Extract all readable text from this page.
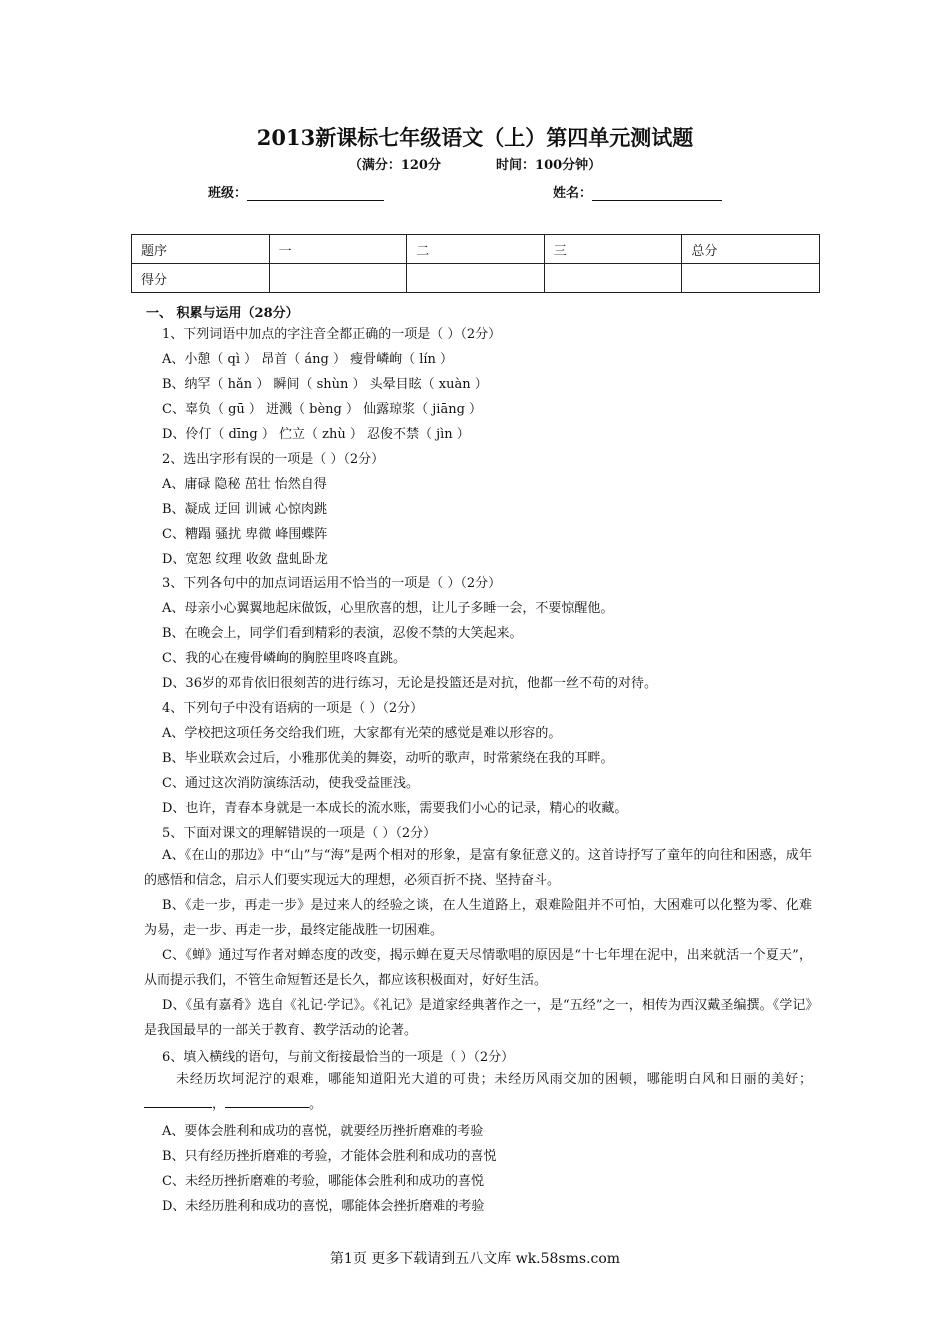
2013新课标七年级语文（上）第四单元测试题
（满分：120分	时间：100分钟）
班级：	姓名：
题序	一	二	三	总分
得分				
一、 积累与运用（28分）
1、下列词语中加点的字注音全都正确的一项是（ ）（2分）
A、小憩（ qì ） 昂首（ áng ） 瘦骨嶙峋（ lín ）
B、纳罕（ hǎn ） 瞬间（ shùn ） 头晕目眩（ xuàn ）
C、辜负（ gū ） 迸溅（ bèng ） 仙露琼浆（ jiāng ）
D、伶仃（ dīng ） 伫立（ zhù ） 忍俊不禁（ jìn ）
2、选出字形有误的一项是（ ）（2分）
A、庸碌 隐秘 茁壮 怡然自得
B、凝成 迂回 训诫 心惊肉跳
C、糟蹋 骚扰 卑微 峰围蝶阵
D、宽恕 纹理 收敛 盘虬卧龙
3、下列各句中的加点词语运用不恰当的一项是（ ）（2分）
A、母亲小心翼翼地起床做饭，心里欣喜的想，让儿子多睡一会，不要惊醒他。
B、在晚会上，同学们看到精彩的表演，忍俊不禁的大笑起来。
C、我的心在瘦骨嶙峋的胸腔里咚咚直跳。
D、36岁的邓肯依旧很刻苦的进行练习，无论是投篮还是对抗，他都一丝不苟的对待。
4、下列句子中没有语病的一项是（ ）（2分）
A、学校把这项任务交给我们班，大家都有光荣的感觉是难以形容的。
B、毕业联欢会过后，小雅那优美的舞姿，动听的歌声，时常萦绕在我的耳畔。
C、通过这次消防演练活动，使我受益匪浅。
D、也许，青春本身就是一本成长的流水账，需要我们小心的记录，精心的收藏。
5、下面对课文的理解错误的一项是（ ）（2分）
A、《在山的那边》中“山”与“海”是两个相对的形象，是富有象征意义的。这首诗抒写了童年的向往和困惑，成年的感悟和信念，启示人们要实现远大的理想，必须百折不挠、坚持奋斗。
B、《走一步，再走一步》是过来人的经验之谈，在人生道路上，艰难险阻并不可怕，大困难可以化整为零、化难为易，走一步、再走一步，最终定能战胜一切困难。
C、《蝉》通过写作者对蝉态度的改变，揭示蝉在夏天尽情歌唱的原因是“十七年埋在泥中，出来就活一个夏天”，从而提示我们，不管生命短暂还是长久，都应该积极面对，好好生活。
D、《虽有嘉肴》选自《礼记·学记》。《礼记》是道家经典著作之一，是“五经”之一，相传为西汉戴圣编撰。《学记》是我国最早的一部关于教育、教学活动的论著。
6、填入横线的语句，与前文衔接最恰当的一项是（ ）（2分）
未经历坎坷泥泞的艰难，哪能知道阳光大道的可贵；未经历风雨交加的困顿，哪能明白风和日丽的美好；，	。
A、要体会胜利和成功的喜悦，就要经历挫折磨难的考验
B、只有经历挫折磨难的考验，才能体会胜利和成功的喜悦
C、未经历挫折磨难的考验，哪能体会胜利和成功的喜悦
D、未经历胜利和成功的喜悦，哪能体会挫折磨难的考验
第1页 更多下载请到五八文库 wk.58sms.com
